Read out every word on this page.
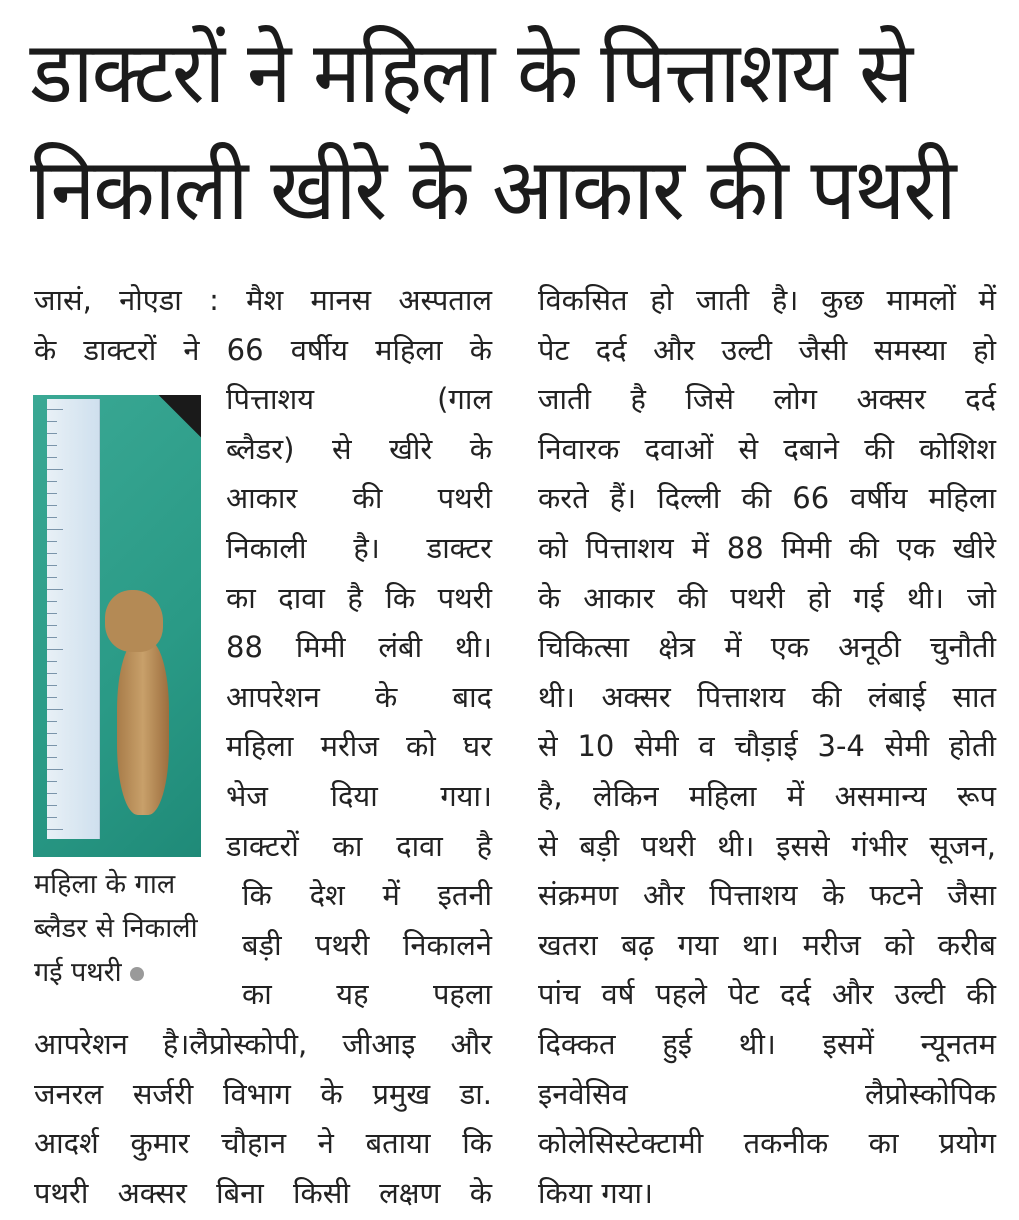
डाक्टरों ने महिला के पित्ताशय से
निकाली खीरे के आकार की पथरी
जासं, नोएडा : मैश मानस अस्पताल
के डाक्टरों ने 66 वर्षीय महिला के
पित्ताशय (गाल
ब्लैडर) से खीरे के
आकार की पथरी
निकाली है। डाक्टर
का दावा है कि पथरी
88 मिमी लंबी थी।
आपरेशन के बाद
महिला मरीज को घर
भेज दिया गया।
डाक्टरों का दावा है
कि देश में इतनी
बड़ी पथरी निकालने
का यह पहला
आपरेशन है।लैप्रोस्कोपी, जीआइ और
जनरल सर्जरी विभाग के प्रमुख डा.
आदर्श कुमार चौहान ने बताया कि
पथरी अक्सर बिना किसी लक्षण के
विकसित हो जाती है। कुछ मामलों में
पेट दर्द और उल्टी जैसी समस्या हो
जाती है जिसे लोग अक्सर दर्द
निवारक दवाओं से दबाने की कोशिश
करते हैं। दिल्ली की 66 वर्षीय महिला
को पित्ताशय में 88 मिमी की एक खीरे
के आकार की पथरी हो गई थी। जो
चिकित्सा क्षेत्र में एक अनूठी चुनौती
थी। अक्सर पित्ताशय की लंबाई सात
से 10 सेमी व चौड़ाई 3-4 सेमी होती
है, लेकिन महिला में असमान्य रूप
से बड़ी पथरी थी। इससे गंभीर सूजन,
संक्रमण और पित्ताशय के फटने जैसा
खतरा बढ़ गया था। मरीज को करीब
पांच वर्ष पहले पेट दर्द और उल्टी की
दिक्कत हुई थी। इसमें न्यूनतम
इनवेसिव लैप्रोस्कोपिक
कोलेसिस्टेक्टामी तकनीक का प्रयोग
किया गया।
महिला के गाल
ब्लैडर से निकाली
गई पथरी
